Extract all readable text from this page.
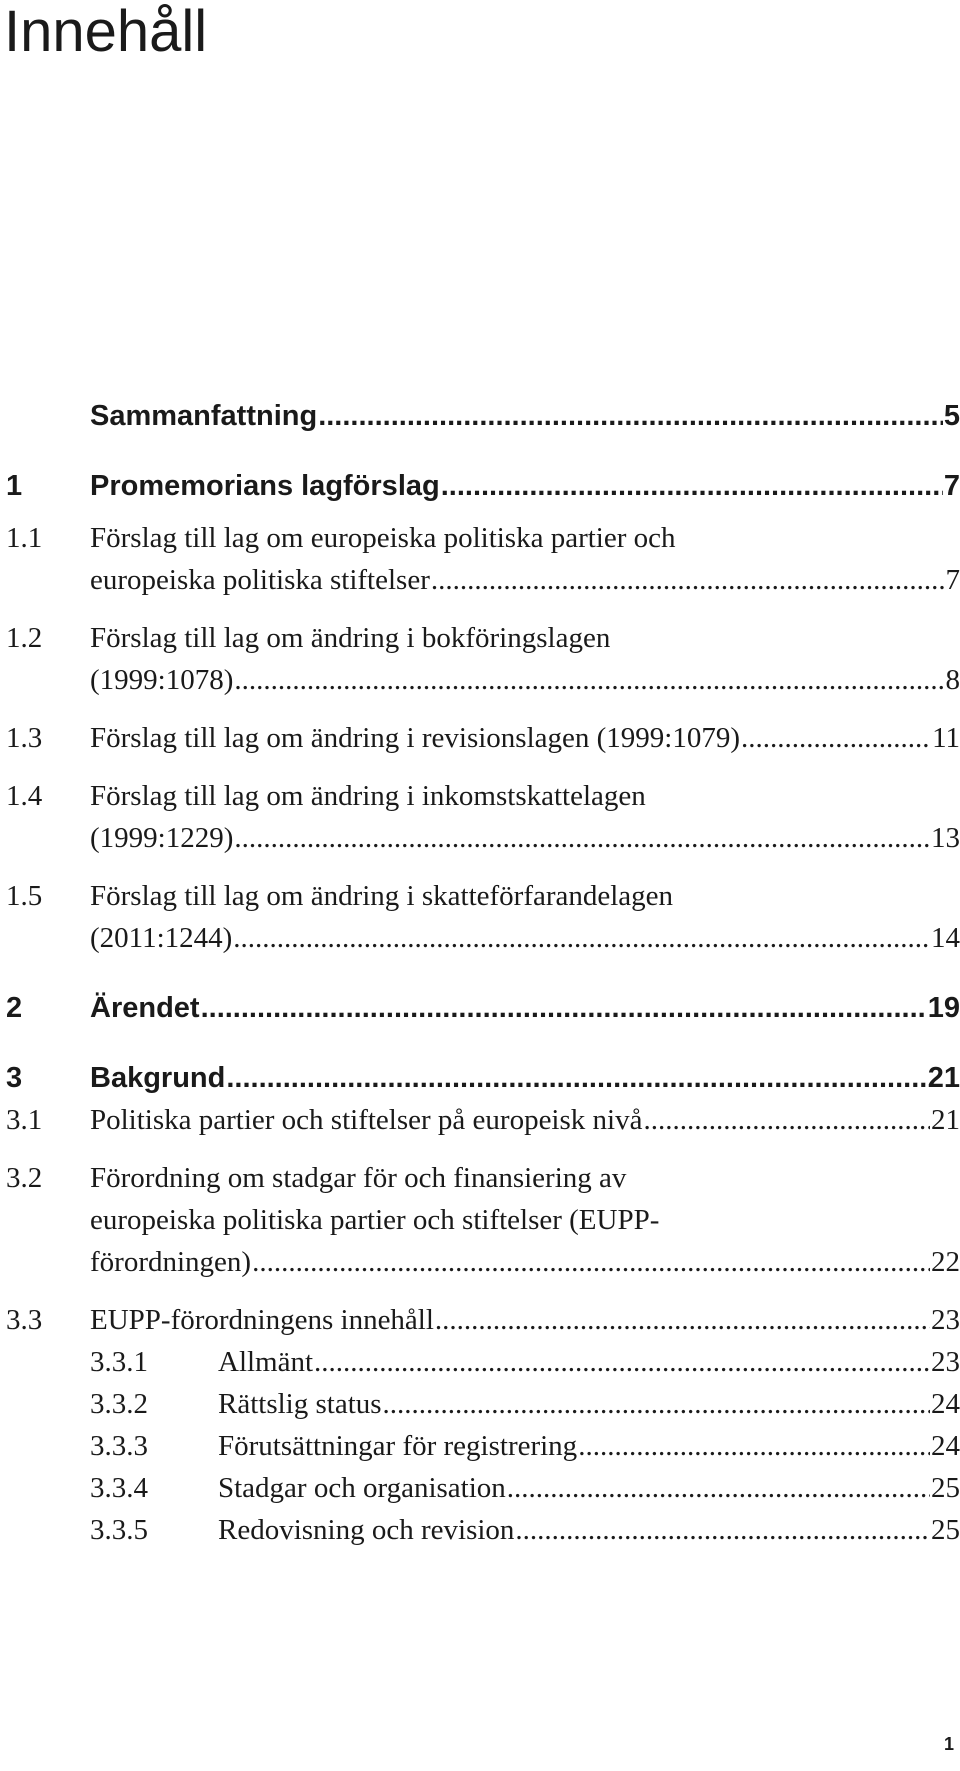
Innehåll
Sammanfattning .....	5
1	Promemorians lagförslag .....	7
1.1	Förslag till lag om europeiska politiska partier och
europeiska politiska stiftelser .....	7
1.2	Förslag till lag om ändring i bokföringslagen
(1999:1078) .....	8
1.3	Förslag till lag om ändring i revisionslagen (1999:1079) .....	11
1.4	Förslag till lag om ändring i inkomstskattelagen
(1999:1229) .....	13
1.5	Förslag till lag om ändring i skatteförfarandelagen
(2011:1244) .....	14
2	Ärendet .....	19
3	Bakgrund .....	21
3.1	Politiska partier och stiftelser på europeisk nivå .....	21
3.2	Förordning om stadgar för och finansiering av
europeiska politiska partier och stiftelser (EUPP-
förordningen) .....	22
3.3	EUPP-förordningens innehåll .....	23
3.3.1	Allmänt .....	23
3.3.2	Rättslig status .....	24
3.3.3	Förutsättningar för registrering .....	24
3.3.4	Stadgar och organisation .....	25
3.3.5	Redovisning och revision .....	25
1
